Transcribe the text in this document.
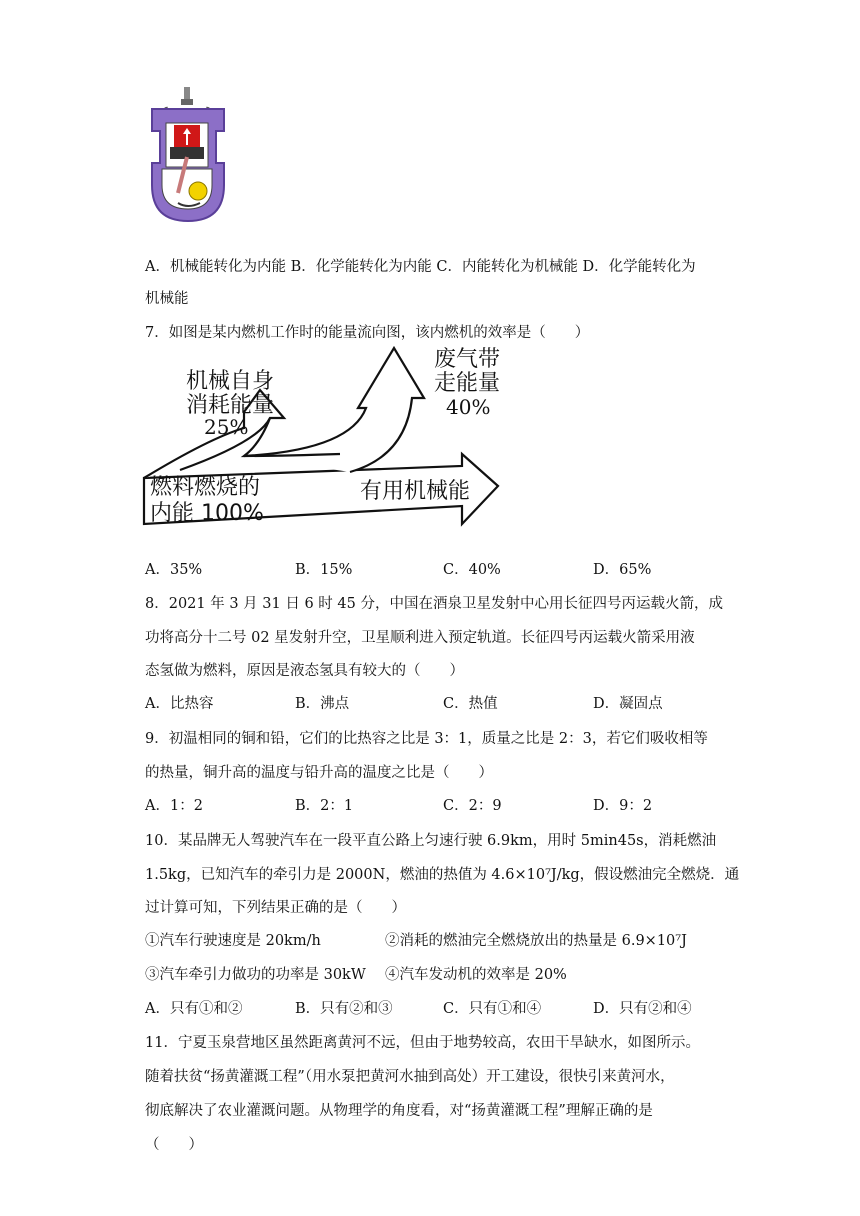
A．机械能转化为内能 B．化学能转化为内能 C．内能转化为机械能 D．化学能转化为
机械能
7．如图是某内燃机工作时的能量流向图，该内燃机的效率是（　　）
机械自身
消耗能量
25%
废气带
走能量
40%
燃料燃烧的
内能 100%
有用机械能
A．35%	B．15%	C．40%	D．65%
8．2021 年 3 月 31 日 6 时 45 分，中国在酒泉卫星发射中心用长征四号丙运载火箭，成
功将高分十二号 02 星发射升空，卫星顺利进入预定轨道。长征四号丙运载火箭采用液
态氢做为燃料，原因是液态氢具有较大的（　　）
A．比热容	B．沸点	C．热值	D．凝固点
9．初温相同的铜和铅，它们的比热容之比是 3：1，质量之比是 2：3，若它们吸收相等
的热量，铜升高的温度与铅升高的温度之比是（　　）
A．1：2	B．2：1	C．2：9	D．9：2
10．某品牌无人驾驶汽车在一段平直公路上匀速行驶 6.9km，用时 5min45s，消耗燃油
1.5kg，已知汽车的牵引力是 2000N，燃油的热值为 4.6×10⁷J/kg，假设燃油完全燃烧．通
过计算可知，下列结果正确的是（　　）
①汽车行驶速度是 20km/h	②消耗的燃油完全燃烧放出的热量是 6.9×10⁷J
③汽车牵引力做功的功率是 30kW ④汽车发动机的效率是 20%
A．只有①和②	B．只有②和③	C．只有①和④	D．只有②和④
11．宁夏玉泉营地区虽然距离黄河不远，但由于地势较高，农田干旱缺水，如图所示。
随着扶贫“扬黄灌溉工程”（用水泵把黄河水抽到高处）开工建设，很快引来黄河水，
彻底解决了农业灌溉问题。从物理学的角度看，对“扬黄灌溉工程”理解正确的是
（　　）
